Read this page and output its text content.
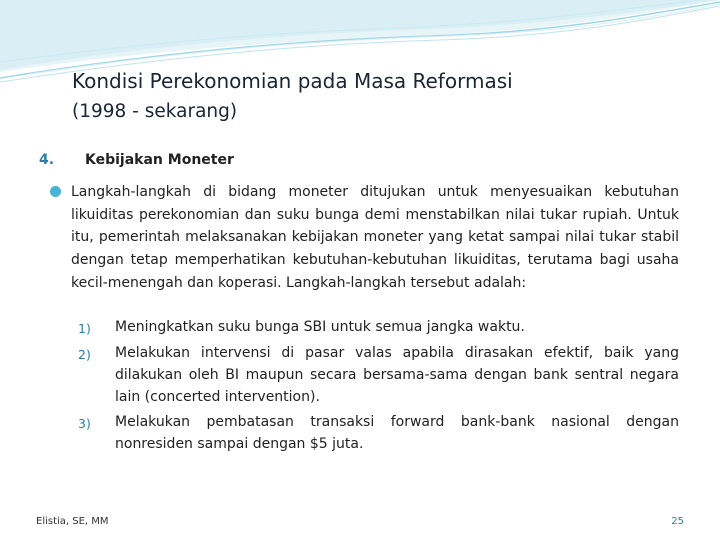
Kondisi Perekonomian pada Masa Reformasi
(1998 - sekarang)
4. Kebijakan Moneter

Langkah-langkah di bidang moneter ditujukan untuk menyesuaikan kebutuhan likuiditas perekonomian dan suku bunga demi menstabilkan nilai tukar rupiah. Untuk itu, pemerintah melaksanakan kebijakan moneter yang ketat sampai nilai tukar stabil dengan tetap memperhatikan kebutuhan-kebutuhan likuiditas, terutama bagi usaha kecil-menengah dan koperasi. Langkah-langkah tersebut adalah:

1) Meningkatkan suku bunga SBI untuk semua jangka waktu.

2) Melakukan intervensi di pasar valas apabila dirasakan efektif, baik yang dilakukan oleh BI maupun secara bersama-sama dengan bank sentral negara lain (concerted intervention).

3) Melakukan pembatasan transaksi forward bank-bank nasional dengan nonresiden sampai dengan $5 juta.

Elistia, SE, MM	25
